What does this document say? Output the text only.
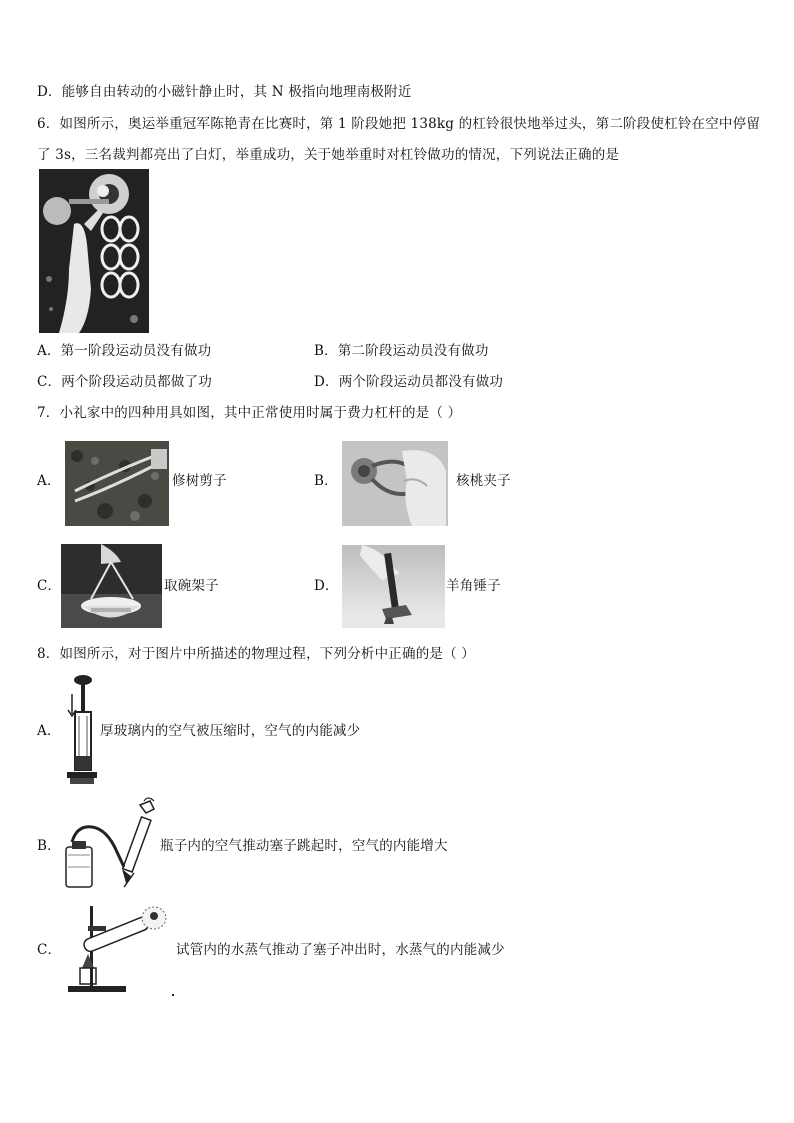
D．能够自由转动的小磁针静止时，其 N 极指向地理南极附近
6．如图所示，奥运举重冠军陈艳青在比赛时，第 1 阶段她把 138kg 的杠铃很快地举过头，第二阶段使杠铃在空中停留
了 3s，三名裁判都亮出了白灯，举重成功，关于她举重时对杠铃做功的情况，下列说法正确的是
A．第一阶段运动员没有做功	B．第二阶段运动员没有做功
C．两个阶段运动员都做了功	D．两个阶段运动员都没有做功
7．小礼家中的四种用具如图，其中正常使用时属于费力杠杆的是（ ）
A．	修树剪子	B．	核桃夹子
C．	取碗架子	D．	羊角锤子
8．如图所示，对于图片中所描述的物理过程，下列分析中正确的是（ ）
A．	厚玻璃内的空气被压缩时，空气的内能减少
B．	瓶子内的空气推动塞子跳起时，空气的内能增大
C．	试管内的水蒸气推动了塞子冲出时，水蒸气的内能减少
